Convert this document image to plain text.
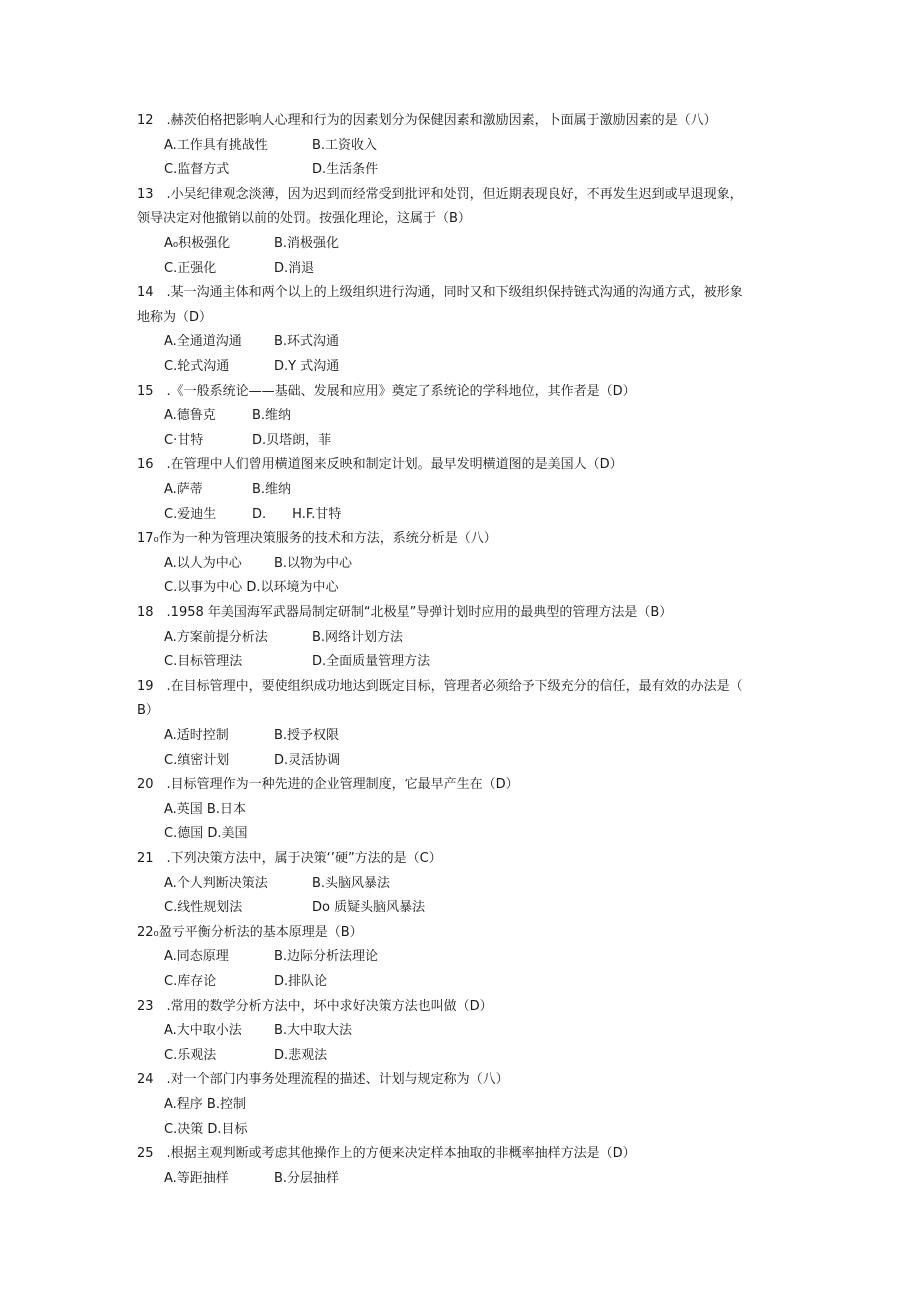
12　.赫茨伯格把影响人心理和行为的因素划分为保健因素和激励因素，卜面属于激励因素的是（八）
A.工作具有挑战性	B.工资收入
C.监督方式	D.生活条件
13　.小吴纪律观念淡薄，因为迟到而经常受到批评和处罚，但近期表现良好，不再发生迟到或早退现象，
领导决定对他撤销以前的处罚。按强化理论，这属于（B）
A₀积极强化	B.消极强化
C.正强化	D.消退
14　.某一沟通主体和两个以上的上级组织进行沟通，同时又和下级组织保持链式沟通的沟通方式，被形象
地称为（D）
A.全通道沟通 B.环式沟通
C.轮式沟通	D.Y 式沟通
15　.《一般系统论——基础、发展和应用》奠定了系统论的学科地位，其作者是（D）
A.德鲁克	B.维纳
C·甘特	D.贝塔朗，菲
16　.在管理中人们曾用横道图来反映和制定计划。最早发明横道图的是美国人（D）
A.萨蒂	B.维纳
C.爱迪生	D.　　H.F.甘特
17₀作为一种为管理决策服务的技术和方法，系统分析是（八）
A.以人为中心 B.以物为中心
C.以事为中心 D.以环境为中心
18　.1958 年美国海军武器局制定研制“北极星”导弹计划时应用的最典型的管理方法是（B）
A.方案前提分析法	B.网络计划方法
C.目标管理法	D.全面质量管理方法
19　.在目标管理中，要使组织成功地达到既定目标，管理者必须给予下级充分的信任，最有效的办法是（
B）
A.适时控制	B.授予权限
C.缜密计划	D.灵活协调
20　.目标管理作为一种先进的企业管理制度，它最早产生在（D）
A.英国 B.日本
C.德国 D.美国
21　.下列决策方法中，属于决策‘’硬”方法的是（C）
A.个人判断决策法	B.头脑风暴法
C.线性规划法	Do 质疑头脑风暴法
22₀盈亏平衡分析法的基本原理是（B）
A.同态原理	B.边际分析法理论
C.库存论	D.排队论
23　.常用的数学分析方法中，坏中求好决策方法也叫做（D）
A.大中取小法 B.大中取大法
C.乐观法	D.悲观法
24　.对一个部门内事务处理流程的描述、计划与规定称为（八）
A.程序 B.控制
C.决策 D.目标
25　.根据主观判断或考虑其他操作上的方便来决定样本抽取的非概率抽样方法是（D）
A.等距抽样	B.分层抽样
